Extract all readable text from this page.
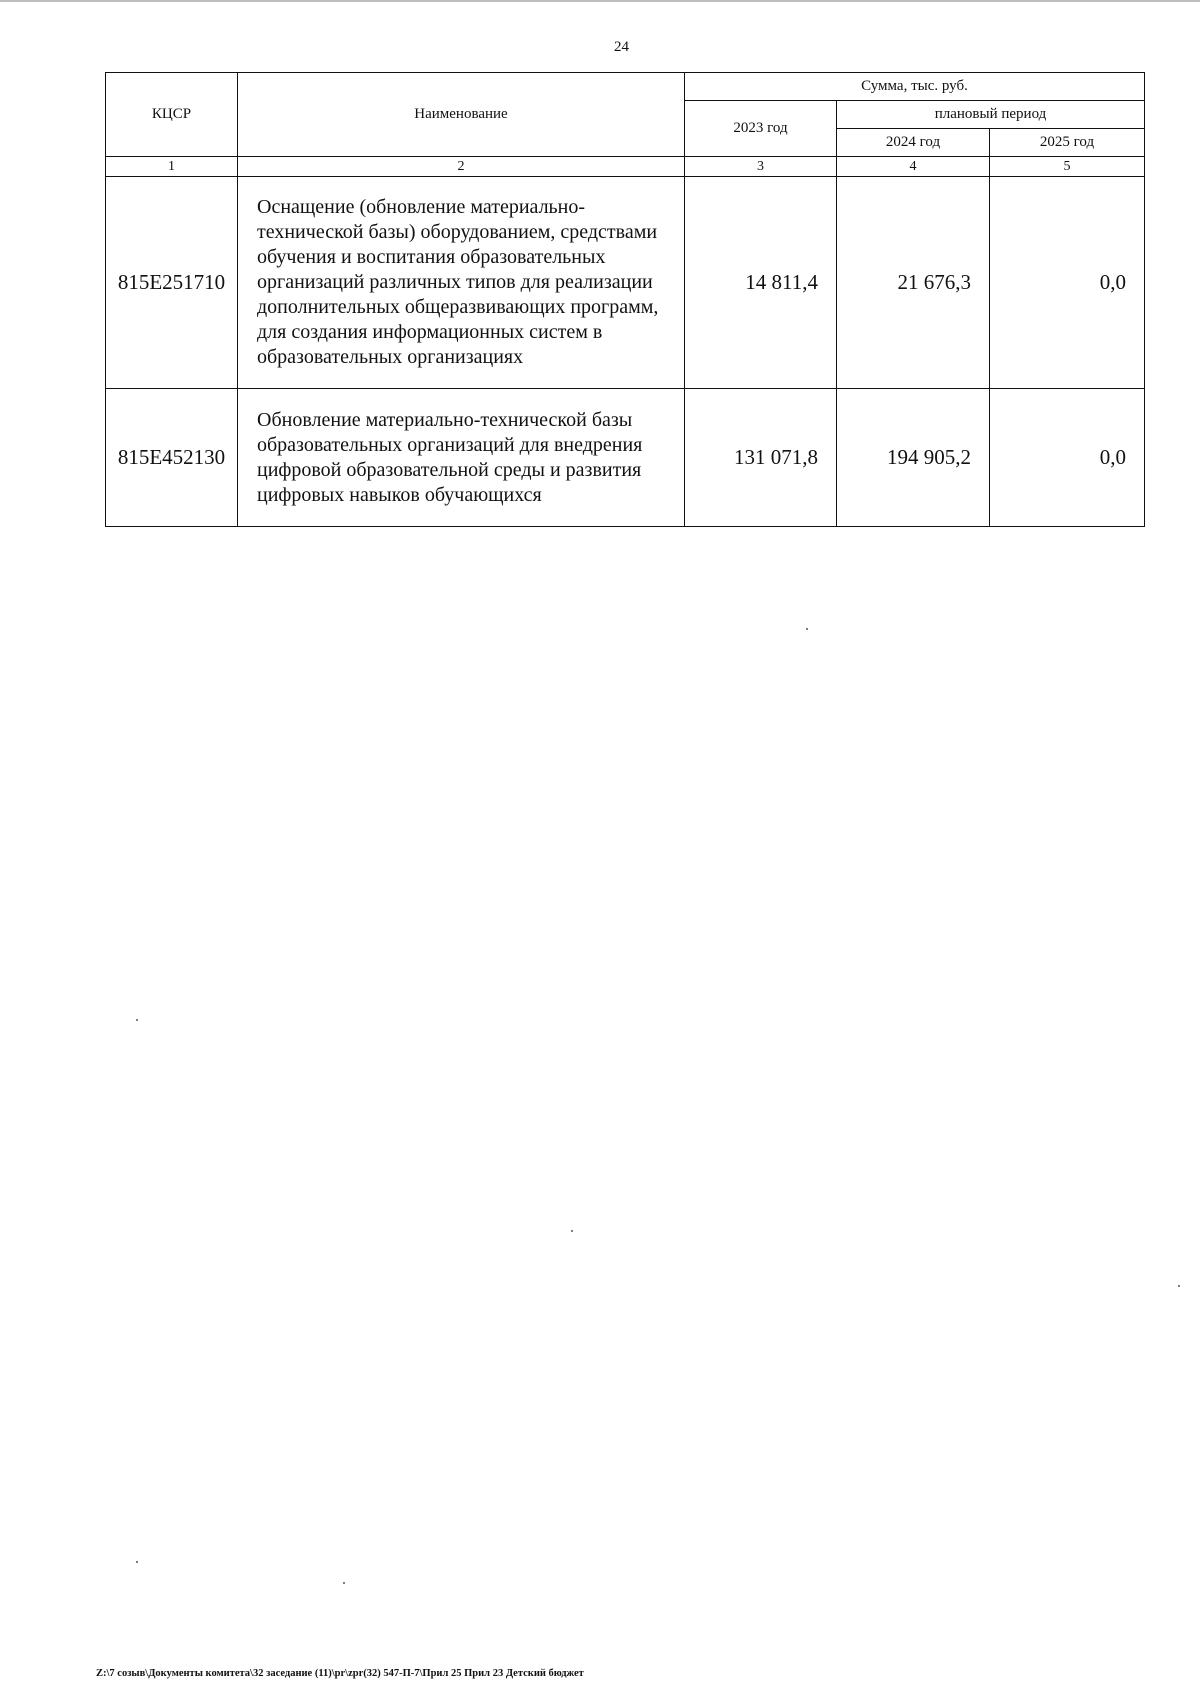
24
КЦСР	Наименование	Сумма, тыс. руб.		
		2023 год	плановый период	
			2024 год	2025 год
1	2	3	4	5
815Е251710	Оснащение (обновление материально-технической базы) оборудованием, средствами обучения и воспитания образовательных организаций различных типов для реализации дополнительных общеразвивающих программ, для создания информационных систем в образовательных организациях	14 811,4	21 676,3	0,0
815Е452130	Обновление материально-технической базы образовательных организаций для внедрения цифровой образовательной среды и развития цифровых навыков обучающихся	131 071,8	194 905,2	0,0
Z:\7 созыв\Документы комитета\32 заседание (11)\pr\zpr(32) 547-П-7\Прил 25 Прил 23 Детский бюджет
